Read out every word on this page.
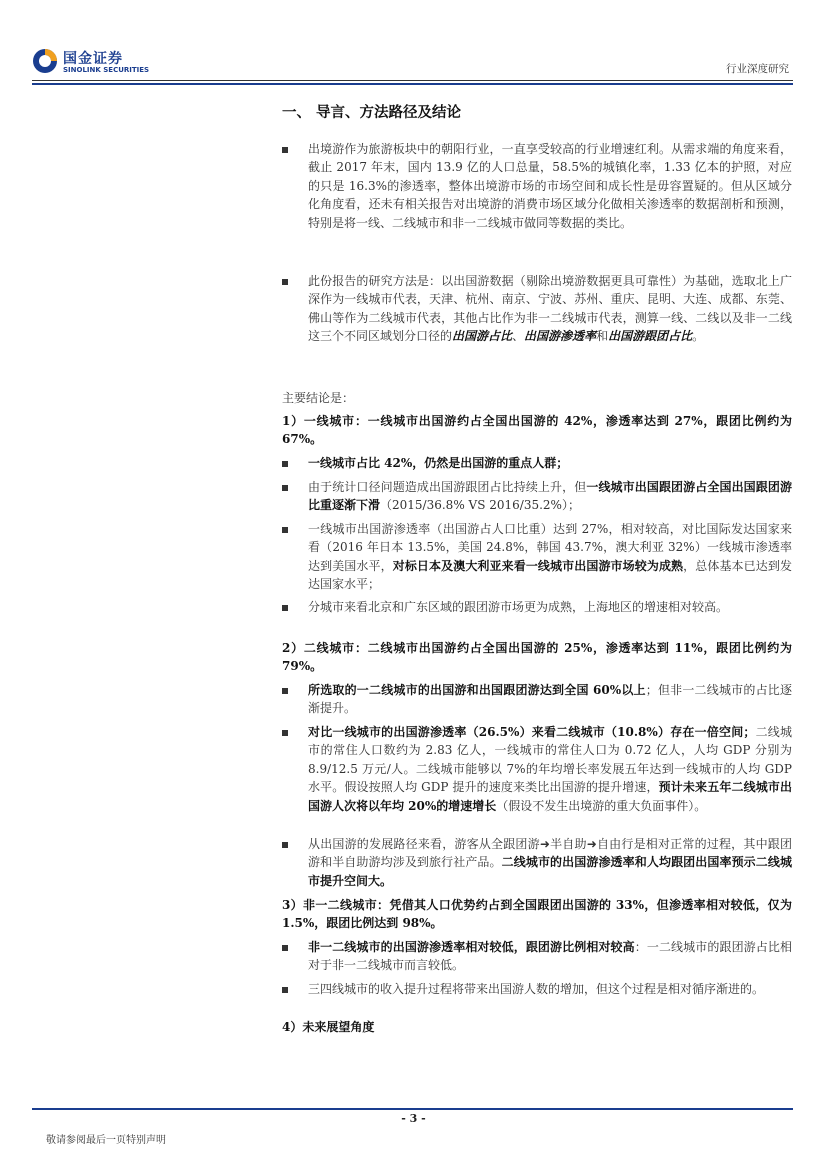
国金证券
SINOLINK SECURITIES	行业深度研究
一、 导言、方法路径及结论
出境游作为旅游板块中的朝阳行业，一直享受较高的行业增速红利。从需求端的角度来看，截止 2017 年末，国内 13.9 亿的人口总量，58.5%的城镇化率，1.33 亿本的护照，对应的只是 16.3%的渗透率，整体出境游市场的市场空间和成长性是毋容置疑的。但从区域分化角度看，还未有相关报告对出境游的消费市场区域分化做相关渗透率的数据剖析和预测，特别是将一线、二线城市和非一二线城市做同等数据的类比。
此份报告的研究方法是：以出国游数据（剔除出境游数据更具可靠性）为基础，选取北上广深作为一线城市代表，天津、杭州、南京、宁波、苏州、重庆、昆明、大连、成都、东莞、佛山等作为二线城市代表，其他占比作为非一二线城市代表，测算一线、二线以及非一二线这三个不同区域划分口径的出国游占比、出国游渗透率和出国游跟团占比。
主要结论是：
1）一线城市：一线城市出国游约占全国出国游的 42%，渗透率达到 27%，跟团比例约为 67%。
一线城市占比 42%，仍然是出国游的重点人群；
由于统计口径问题造成出国游跟团占比持续上升，但一线城市出国跟团游占全国出国跟团游比重逐渐下滑（2015/36.8% VS 2016/35.2%）；
一线城市出国游渗透率（出国游占人口比重）达到 27%，相对较高，对比国际发达国家来看（2016 年日本 13.5%，美国 24.8%，韩国 43.7%，澳大利亚 32%）一线城市渗透率达到美国水平，对标日本及澳大利亚来看一线城市出国游市场较为成熟，总体基本已达到发达国家水平；
分城市来看北京和广东区域的跟团游市场更为成熟，上海地区的增速相对较高。
2）二线城市：二线城市出国游约占全国出国游的 25%，渗透率达到 11%，跟团比例约为 79%。
所选取的一二线城市的出国游和出国跟团游达到全国 60%以上；但非一二线城市的占比逐渐提升。
对比一线城市的出国游渗透率（26.5%）来看二线城市（10.8%）存在一倍空间；二线城市的常住人口数约为 2.83 亿人，一线城市的常住人口为 0.72 亿人，人均 GDP 分别为 8.9/12.5 万元/人。二线城市能够以 7%的年均增长率发展五年达到一线城市的人均 GDP 水平。假设按照人均 GDP 提升的速度来类比出国游的提升增速，预计未来五年二线城市出国游人次将以年均 20%的增速增长（假设不发生出境游的重大负面事件）。
从出国游的发展路径来看，游客从全跟团游➜半自助➜自由行是相对正常的过程，其中跟团游和半自助游均涉及到旅行社产品。二线城市的出国游渗透率和人均跟团出国率预示二线城市提升空间大。
3）非一二线城市：凭借其人口优势约占到全国跟团出国游的 33%，但渗透率相对较低，仅为 1.5%，跟团比例达到 98%。
非一二线城市的出国游渗透率相对较低，跟团游比例相对较高：一二线城市的跟团游占比相对于非一二线城市而言较低。
三四线城市的收入提升过程将带来出国游人数的增加，但这个过程是相对循序渐进的。
4）未来展望角度
- 3 -
敬请参阅最后一页特别声明
